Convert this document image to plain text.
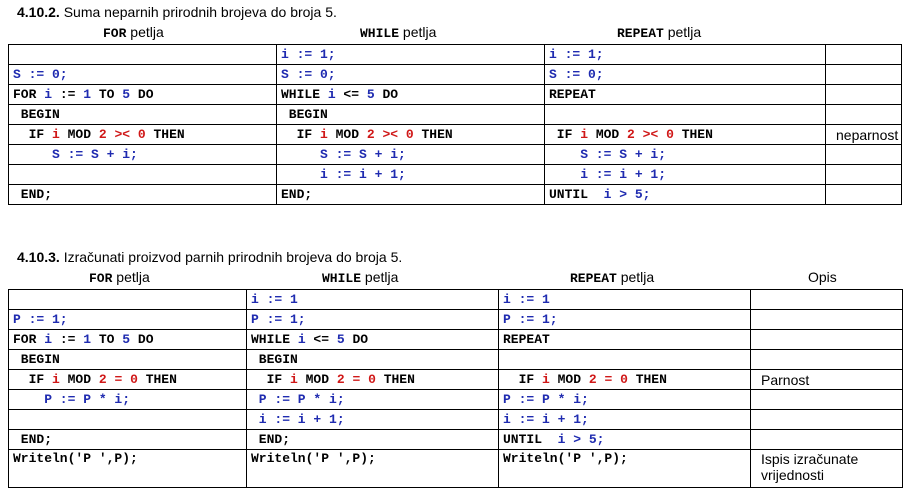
4.10.2. Suma neparnih prirodnih brojeva do broja 5.
FOR petlja	WHILE petlja	REPEAT petlja
	i := 1;	i := 1;	
S := 0;	S := 0;	S := 0;	
FOR i := 1 TO 5 DO	WHILE i <= 5 DO	REPEAT	
BEGIN	BEGIN		
IF i MOD 2 >< 0 THEN	IF i MOD 2 >< 0 THEN	IF i MOD 2 >< 0 THEN	neparnost
S := S + i;	S := S + i;	S := S + i;	
	i := i + 1;	i := i + 1;	
END;	END;	UNTIL  i > 5;	
4.10.3. Izračunati proizvod parnih prirodnih brojeva do broja 5.
FOR petlja	WHILE petlja	REPEAT petlja	Opis
	i := 1	i := 1	
P := 1;	P := 1;	P := 1;	
FOR i := 1 TO 5 DO	WHILE i <= 5 DO	REPEAT	
BEGIN	BEGIN		
IF i MOD 2 = 0 THEN	IF i MOD 2 = 0 THEN	IF i MOD 2 = 0 THEN	Parnost
P := P * i;	P := P * i;	P := P * i;	
	i := i + 1;	i := i + 1;	
END;	END;	UNTIL  i > 5;	
Writeln('P ',P);	Writeln('P ',P);	Writeln('P ',P);	Ispis izračunate vrijednosti
